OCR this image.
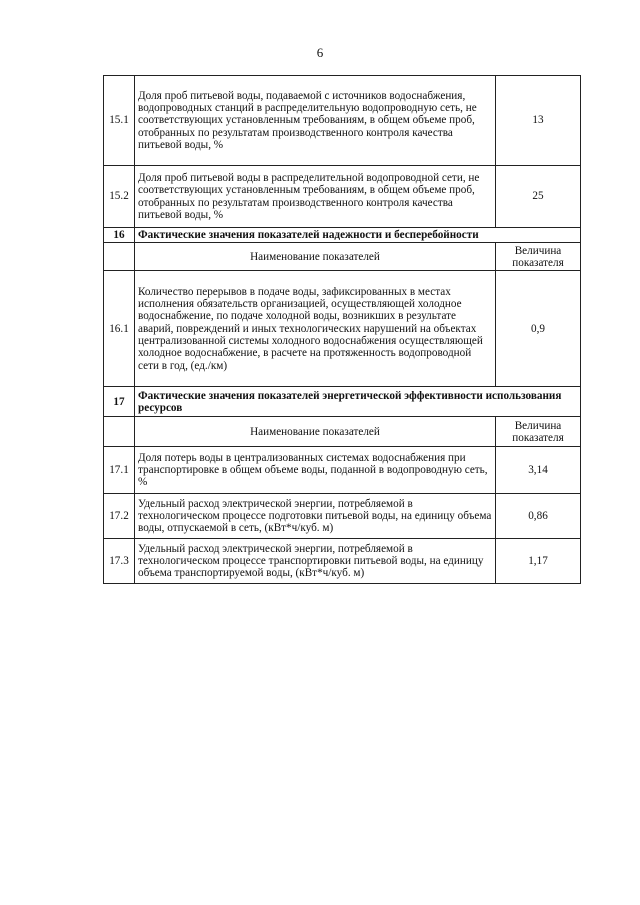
6
15.1	Доля проб питьевой воды, подаваемой с источников водоснабжения, водопроводных станций в распределительную водопроводную сеть, не соответствующих установленным требованиям, в общем объеме проб, отобранных по результатам производственного контроля качества питьевой воды, %	13
15.2	Доля проб питьевой воды в распределительной водопроводной сети, не соответствующих установленным требованиям, в общем объеме проб, отобранных по результатам производственного контроля качества питьевой воды, %	25
16	Фактические значения показателей надежности и бесперебойности	
	Наименование показателей	Величина показателя
16.1	Количество перерывов в подаче воды, зафиксированных в местах исполнения обязательств организацией, осуществляющей холодное водоснабжение, по подаче холодной воды, возникших в результате аварий, повреждений и иных технологических нарушений на объектах централизованной системы холодного водоснабжения осуществляющей холодное водоснабжение, в расчете на протяженность водопроводной сети в год, (ед./км)	0,9
17	Фактические значения показателей энергетической эффективности использования ресурсов	
	Наименование показателей	Величина показателя
17.1	Доля потерь воды в централизованных системах водоснабжения при транспортировке в общем объеме воды, поданной в водопроводную сеть, %	3,14
17.2	Удельный расход электрической энергии, потребляемой в технологическом процессе подготовки питьевой воды, на единицу объема воды, отпускаемой в сеть, (кВт*ч/куб. м)	0,86
17.3	Удельный расход электрической энергии, потребляемой в технологическом процессе транспортировки питьевой воды, на единицу объема транспортируемой воды, (кВт*ч/куб. м)	1,17
